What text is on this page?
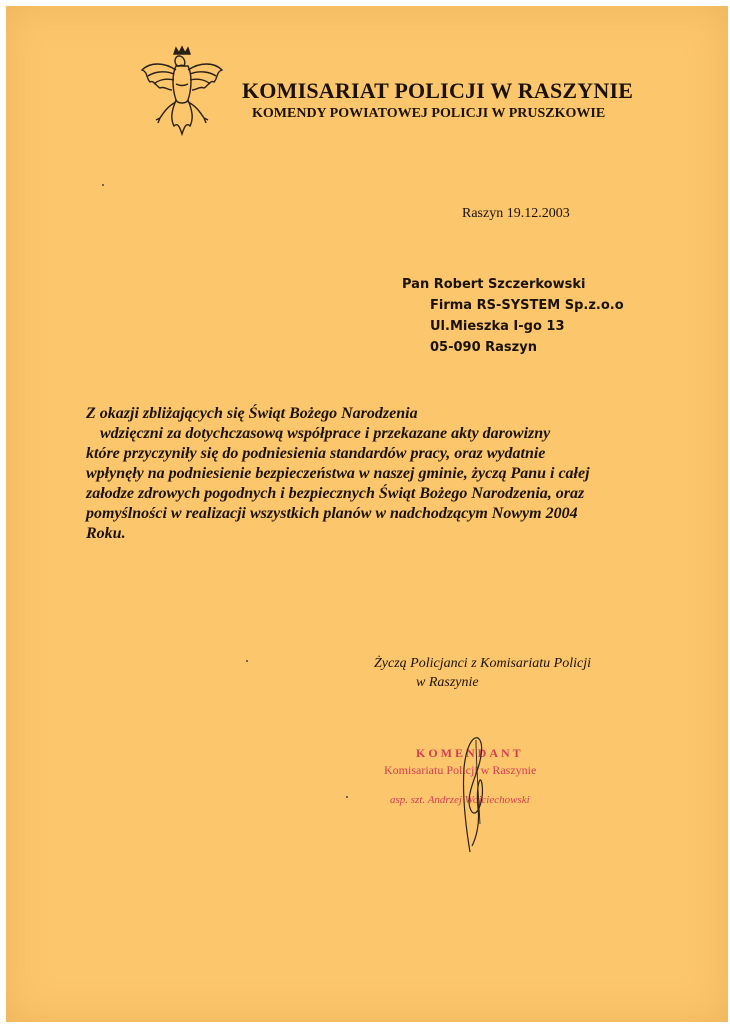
KOMISARIAT POLICJI W RASZYNIE
KOMENDY POWIATOWEJ POLICJI W PRUSZKOWIE
Raszyn 19.12.2003
Pan Robert Szczerkowski
Firma RS-SYSTEM Sp.z.o.o
Ul.Mieszka I-go 13
05-090 Raszyn
Z okazji zbliżających się Świąt Bożego Narodzenia
wdzięczni za dotychczasową współprace i przekazane akty darowizny
które przyczyniły się do podniesienia standardów pracy, oraz wydatnie
wpłynęły na podniesienie bezpieczeństwa w naszej gminie, życzą Panu i całej
załodze zdrowych pogodnych i bezpiecznych Świąt Bożego Narodzenia, oraz
pomyślności w realizacji wszystkich planów w nadchodzącym Nowym 2004
Roku.
Życzą Policjanci z Komisariatu Policji
w Raszynie
KOMENDANT
Komisariatu Policji w Raszynie
asp. szt. Andrzej Wojciechowski
